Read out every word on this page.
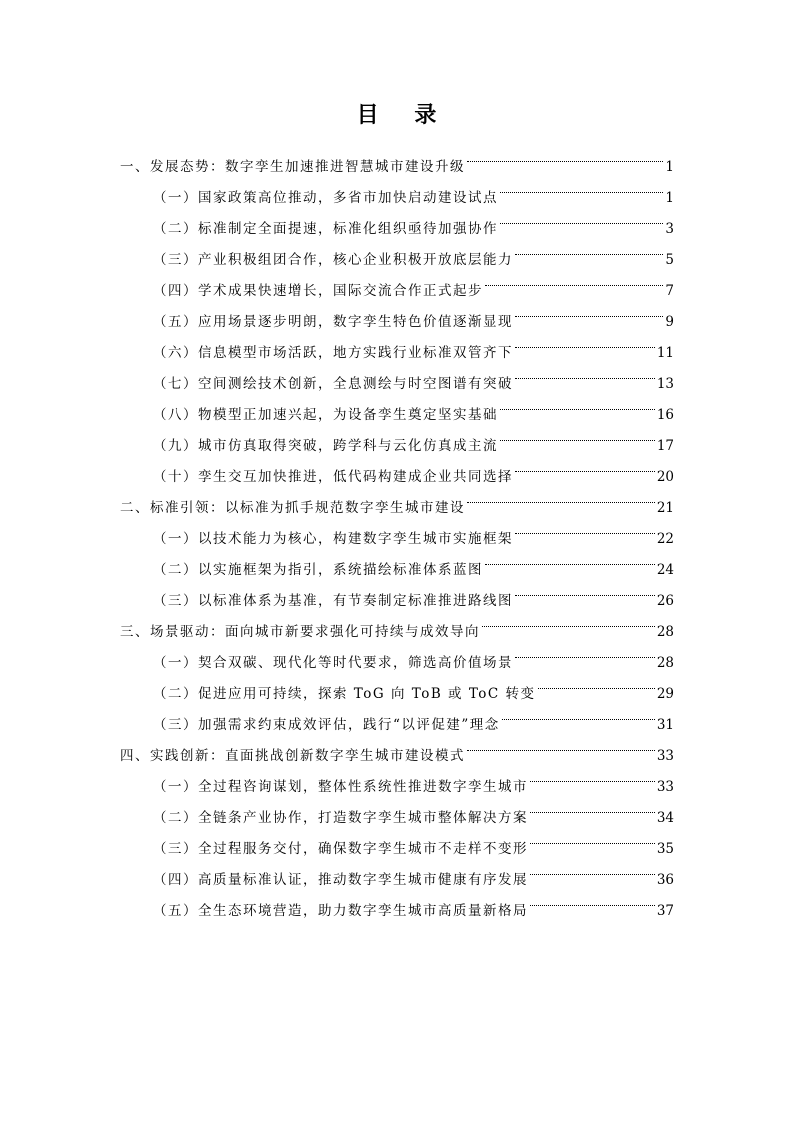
目 录
一、发展态势：数字孪生加速推进智慧城市建设升级	1
（一）国家政策高位推动，多省市加快启动建设试点	1
（二）标准制定全面提速，标准化组织亟待加强协作	3
（三）产业积极组团合作，核心企业积极开放底层能力	5
（四）学术成果快速增长，国际交流合作正式起步	7
（五）应用场景逐步明朗，数字孪生特色价值逐渐显现	9
（六）信息模型市场活跃，地方实践行业标准双管齐下	11
（七）空间测绘技术创新，全息测绘与时空图谱有突破	13
（八）物模型正加速兴起，为设备孪生奠定坚实基础	16
（九）城市仿真取得突破，跨学科与云化仿真成主流	17
（十）孪生交互加快推进，低代码构建成企业共同选择	20
二、标准引领：以标准为抓手规范数字孪生城市建设	21
（一）以技术能力为核心，构建数字孪生城市实施框架	22
（二）以实施框架为指引，系统描绘标准体系蓝图	24
（三）以标准体系为基准，有节奏制定标准推进路线图	26
三、场景驱动：面向城市新要求强化可持续与成效导向	28
（一）契合双碳、现代化等时代要求，筛选高价值场景	28
（二）促进应用可持续，探索 ToG 向 ToB 或 ToC 转变	29
（三）加强需求约束成效评估，践行“以评促建”理念	31
四、实践创新：直面挑战创新数字孪生城市建设模式	33
（一）全过程咨询谋划，整体性系统性推进数字孪生城市	33
（二）全链条产业协作，打造数字孪生城市整体解决方案	34
（三）全过程服务交付，确保数字孪生城市不走样不变形	35
（四）高质量标准认证，推动数字孪生城市健康有序发展	36
（五）全生态环境营造，助力数字孪生城市高质量新格局	37
